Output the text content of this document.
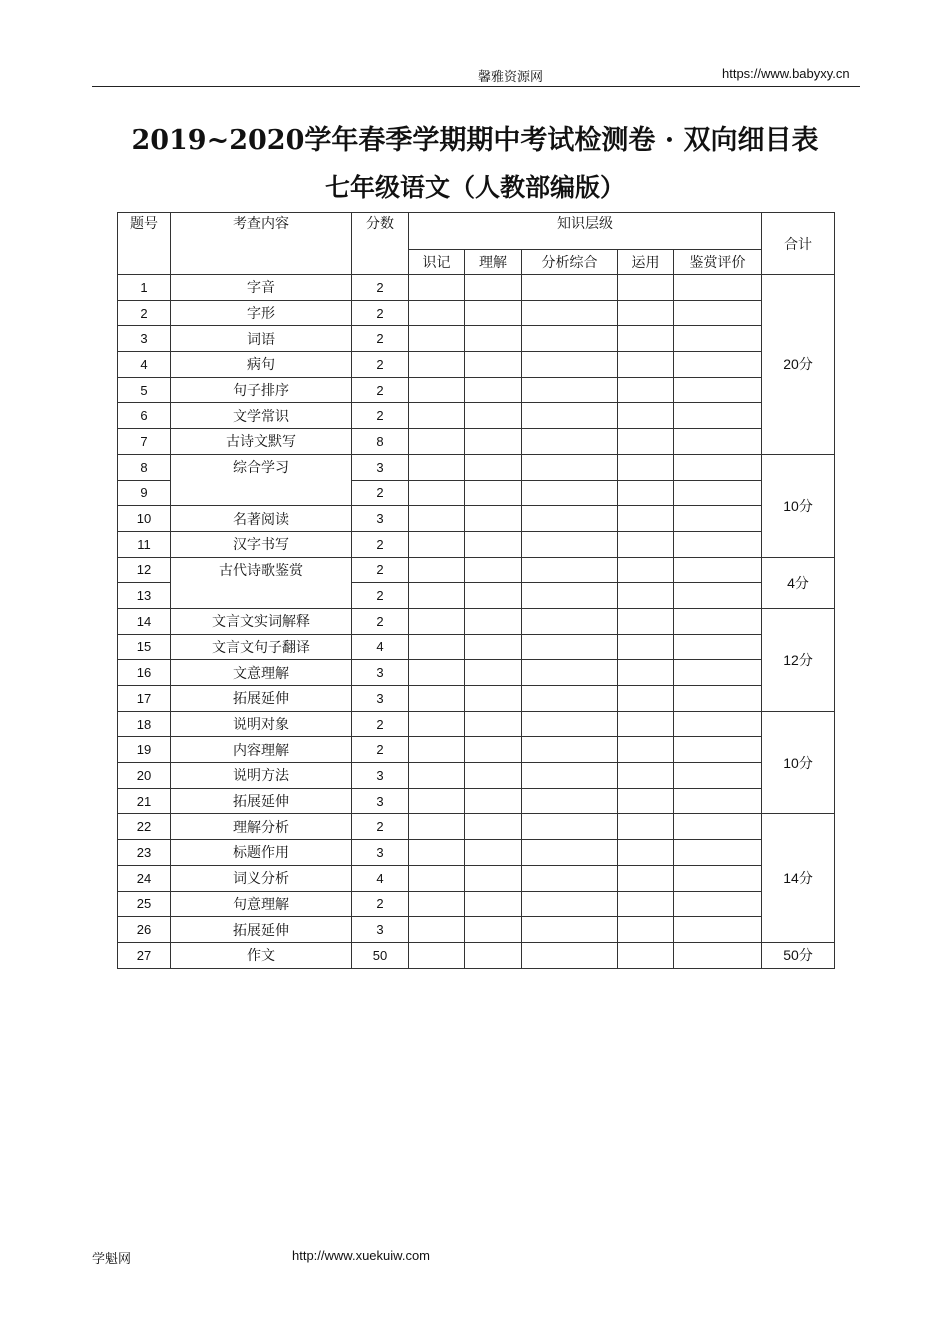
馨雅资源网	https://www.babyxy.cn
2019~2020学年春季学期期中考试检测卷 · 双向细目表
七年级语文（人教部编版）
题号	考查内容	分数	知识层级					合计
			识记	理解	分析综合	运用	鉴赏评价	
1	字音	2						20分
2	字形	2						
3	词语	2						
4	病句	2						
5	句子排序	2						
6	文学常识	2						
7	古诗文默写	8						
8	综合学习	3						10分
9		2						
10	名著阅读	3						
11	汉字书写	2						
12	古代诗歌鉴赏	2						4分
13		2						
14	文言文实词解释	2						12分
15	文言文句子翻译	4						
16	文意理解	3						
17	拓展延伸	3						
18	说明对象	2						10分
19	内容理解	2						
20	说明方法	3						
21	拓展延伸	3						
22	理解分析	2						14分
23	标题作用	3						
24	词义分析	4						
25	句意理解	2						
26	拓展延伸	3						
27	作文	50						50分
学魁网	http://www.xuekuiw.com
